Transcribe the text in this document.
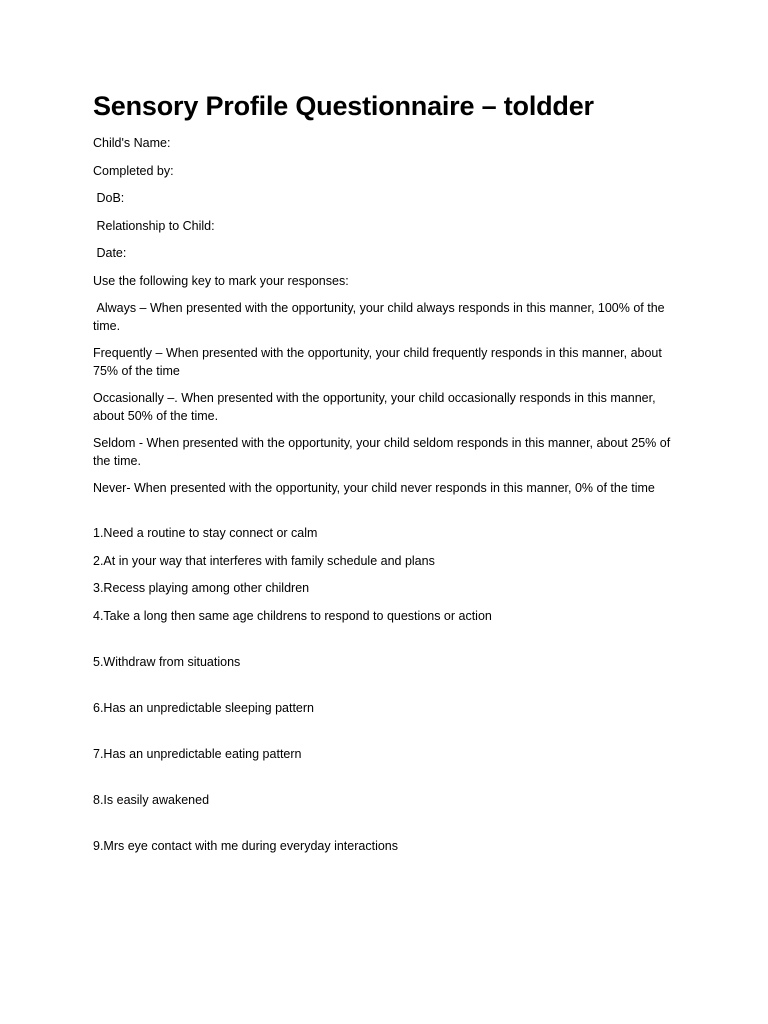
Sensory Profile Questionnaire – toldder
Child's Name:
Completed by:
DoB:
Relationship to Child:
Date:
Use the following key to mark your responses:
Always – When presented with the opportunity, your child always responds in this manner, 100% of the time.
Frequently – When presented with the opportunity, your child frequently responds in this manner, about 75% of the time
Occasionally –. When presented with the opportunity, your child occasionally responds in this manner, about 50% of the time.
Seldom - When presented with the opportunity, your child seldom responds in this manner, about 25% of the time.
Never- When presented with the opportunity, your child never responds in this manner, 0% of the time
1.Need a routine to stay connect or calm
2.At in your way that interferes with family schedule and plans
3.Recess playing among other children
4.Take a long then same age childrens to respond to questions or action
5.Withdraw from situations
6.Has an unpredictable sleeping pattern
7.Has an unpredictable eating pattern
8.Is easily awakened
9.Mrs eye contact with me during everyday interactions
